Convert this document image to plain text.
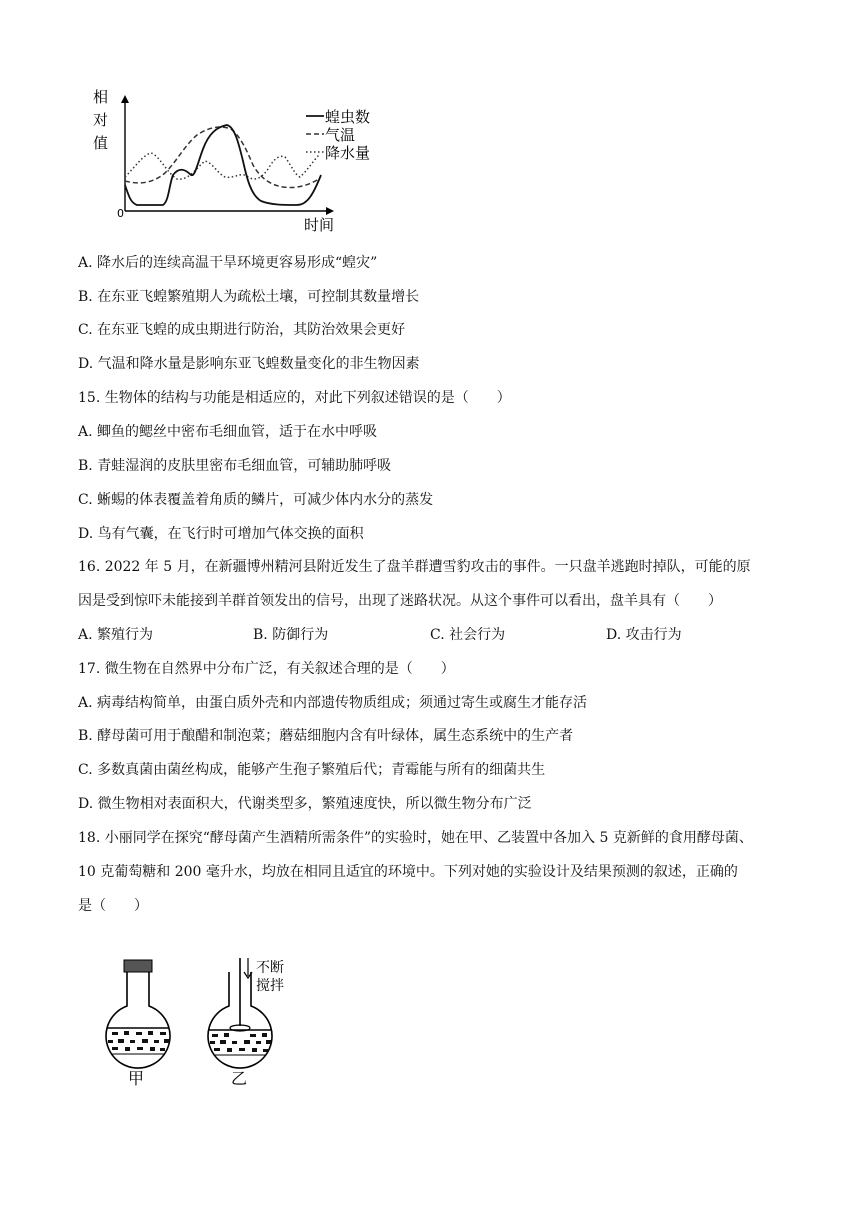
相
对
值
0
时间
蝗虫数
气温
降水量
A. 降水后的连续高温干旱环境更容易形成“蝗灾”
B. 在东亚飞蝗繁殖期人为疏松土壤，可控制其数量增长
C. 在东亚飞蝗的成虫期进行防治，其防治效果会更好
D. 气温和降水量是影响东亚飞蝗数量变化的非生物因素
15. 生物体的结构与功能是相适应的，对此下列叙述错误的是（　　）
A. 鲫鱼的鳃丝中密布毛细血管，适于在水中呼吸
B. 青蛙湿润的皮肤里密布毛细血管，可辅助肺呼吸
C. 蜥蜴的体表覆盖着角质的鳞片，可减少体内水分的蒸发
D. 鸟有气囊，在飞行时可增加气体交换的面积
16. 2022 年 5 月，在新疆博州精河县附近发生了盘羊群遭雪豹攻击的事件。一只盘羊逃跑时掉队，可能的原
因是受到惊吓未能接到羊群首领发出的信号，出现了迷路状况。从这个事件可以看出，盘羊具有（　　）
A. 繁殖行为	B. 防御行为	C. 社会行为	D. 攻击行为
17. 微生物在自然界中分布广泛，有关叙述合理的是（　　）
A. 病毒结构简单，由蛋白质外壳和内部遗传物质组成；须通过寄生或腐生才能存活
B. 酵母菌可用于酿醋和制泡菜；蘑菇细胞内含有叶绿体，属生态系统中的生产者
C. 多数真菌由菌丝构成，能够产生孢子繁殖后代；青霉能与所有的细菌共生
D. 微生物相对表面积大，代谢类型多，繁殖速度快，所以微生物分布广泛
18. 小丽同学在探究“酵母菌产生酒精所需条件”的实验时，她在甲、乙装置中各加入 5 克新鲜的食用酵母菌、
10 克葡萄糖和 200 毫升水，均放在相同且适宜的环境中。下列对她的实验设计及结果预测的叙述，正确的
是（　　）
甲	乙
不断
搅拌
